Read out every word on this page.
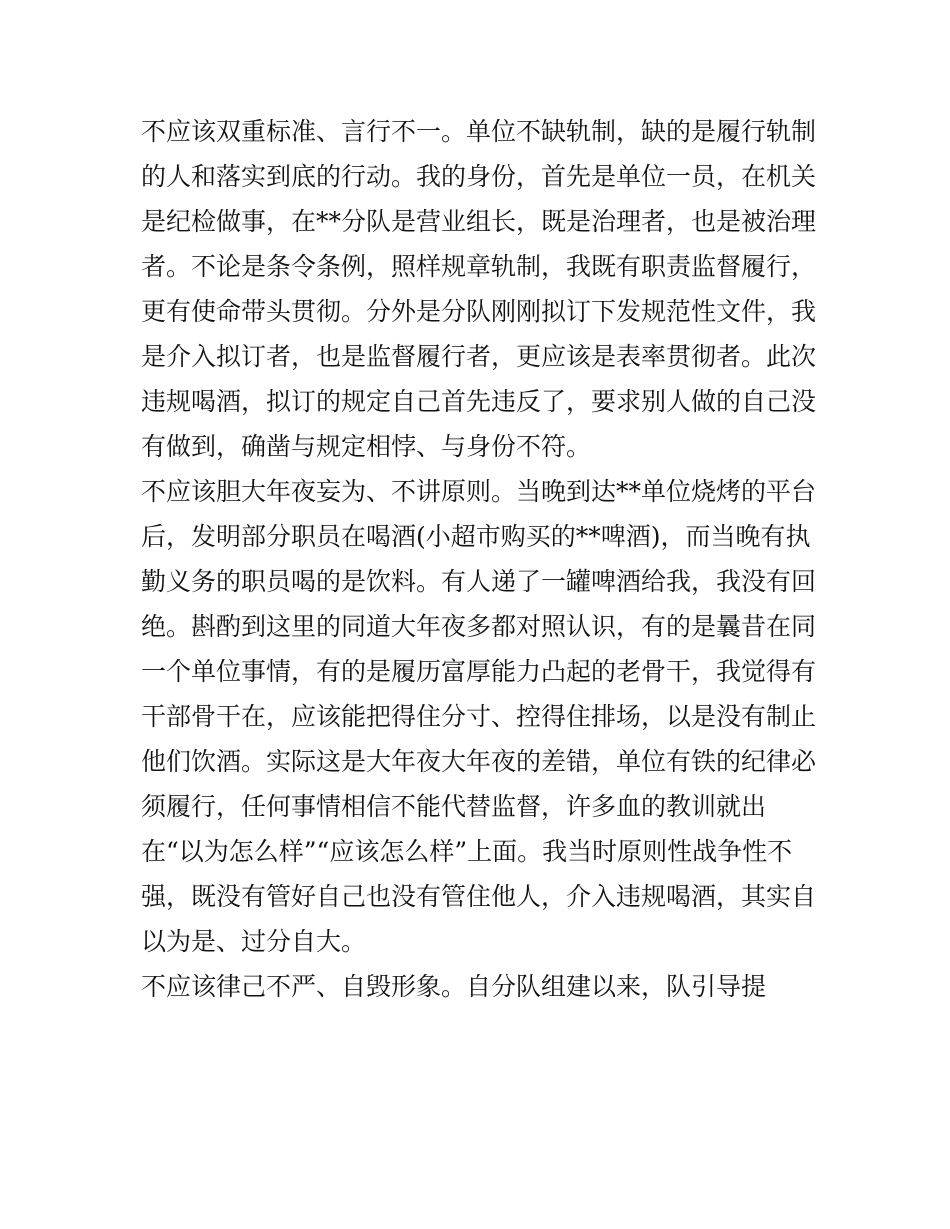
不应该双重标准、言行不一。单位不缺轨制，缺的是履行轨制
的人和落实到底的行动。我的身份，首先是单位一员，在机关
是纪检做事，在**分队是营业组长，既是治理者，也是被治理
者。不论是条令条例，照样规章轨制，我既有职责监督履行，
更有使命带头贯彻。分外是分队刚刚拟订下发规范性文件，我
是介入拟订者，也是监督履行者，更应该是表率贯彻者。此次
违规喝酒，拟订的规定自己首先违反了，要求别人做的自己没
有做到，确凿与规定相悖、与身份不符。
不应该胆大年夜妄为、不讲原则。当晚到达**单位烧烤的平台
后，发明部分职员在喝酒(小超市购买的**啤酒)，而当晚有执
勤义务的职员喝的是饮料。有人递了一罐啤酒给我，我没有回
绝。斟酌到这里的同道大年夜多都对照认识，有的是曩昔在同
一个单位事情，有的是履历富厚能力凸起的老骨干，我觉得有
干部骨干在，应该能把得住分寸、控得住排场，以是没有制止
他们饮酒。实际这是大年夜大年夜的差错，单位有铁的纪律必
须履行，任何事情相信不能代替监督，许多血的教训就出
在“以为怎么样”“应该怎么样”上面。我当时原则性战争性不
强，既没有管好自己也没有管住他人，介入违规喝酒，其实自
以为是、过分自大。
不应该律己不严、自毁形象。自分队组建以来，队引导提
